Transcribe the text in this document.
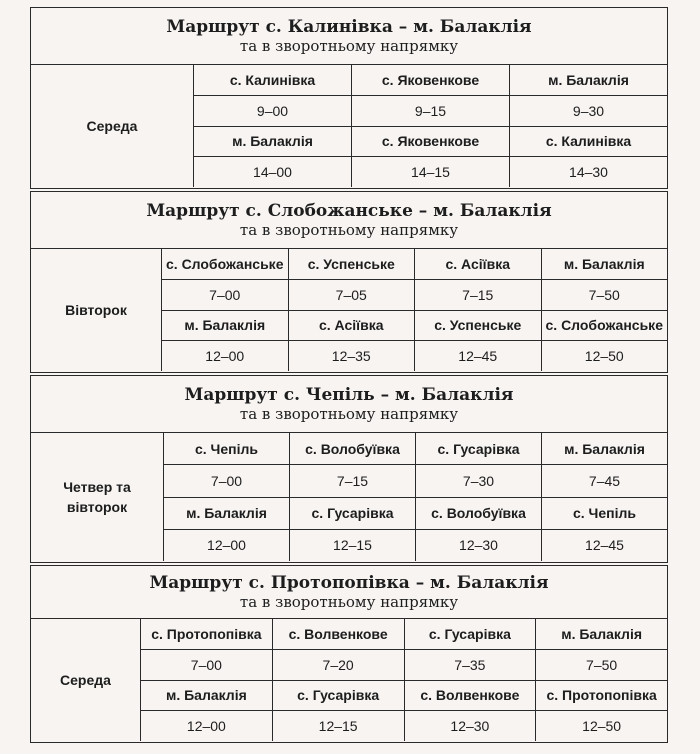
Маршрут с. Калинівка – м. Балаклія
та в зворотньому напрямку
Середа
с. Калинівка	с. Яковенкове	м. Балаклія
9–00	9–15	9–30
м. Балаклія	с. Яковенкове	с. Калинівка
14–00	14–15	14–30
Маршрут с. Слобожанське – м. Балаклія
та в зворотньому напрямку
Вівторок
с. Слобожанське	с. Успенське	с. Асіївка	м. Балаклія
7–00	7–05	7–15	7–50
м. Балаклія	с. Асіївка	с. Успенське	с. Слобожанське
12–00	12–35	12–45	12–50
Маршрут с. Чепіль – м. Балаклія
та в зворотньому напрямку
Четвер та вівторок
с. Чепіль	с. Волобуївка	с. Гусарівка	м. Балаклія
7–00	7–15	7–30	7–45
м. Балаклія	с. Гусарівка	с. Волобуївка	с. Чепіль
12–00	12–15	12–30	12–45
Маршрут с. Протопопівка – м. Балаклія
та в зворотньому напрямку
Середа
с. Протопопівка	с. Волвенкове	с. Гусарівка	м. Балаклія
7–00	7–20	7–35	7–50
м. Балаклія	с. Гусарівка	с. Волвенкове	с. Протопопівка
12–00	12–15	12–30	12–50
